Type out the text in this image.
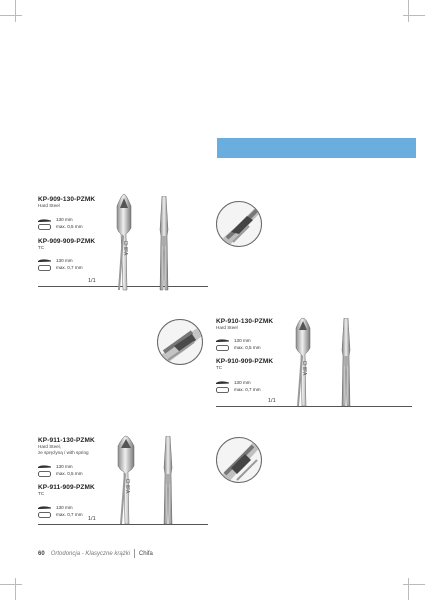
KP-909-130-PZMK
Hard Steel
130 mm
max. 0,5 mm
KP-909-909-PZMK
TC
130 mm
max. 0,7 mm
1/1
CHIFA
KP-910-130-PZMK
Hard Steel
130 mm
max. 0,5 mm
KP-910-909-PZMK
TC
130 mm
max. 0,7 mm
1/1
CHIFA
KP-911-130-PZMK
Hard Steel,
ze sprężyną / with spring
130 mm
max. 0,5 mm
KP-911-909-PZMK
TC
130 mm
max. 0,7 mm
1/1
CHIFA
60 Ortodoncja - Klasyczne krążki Chifa
